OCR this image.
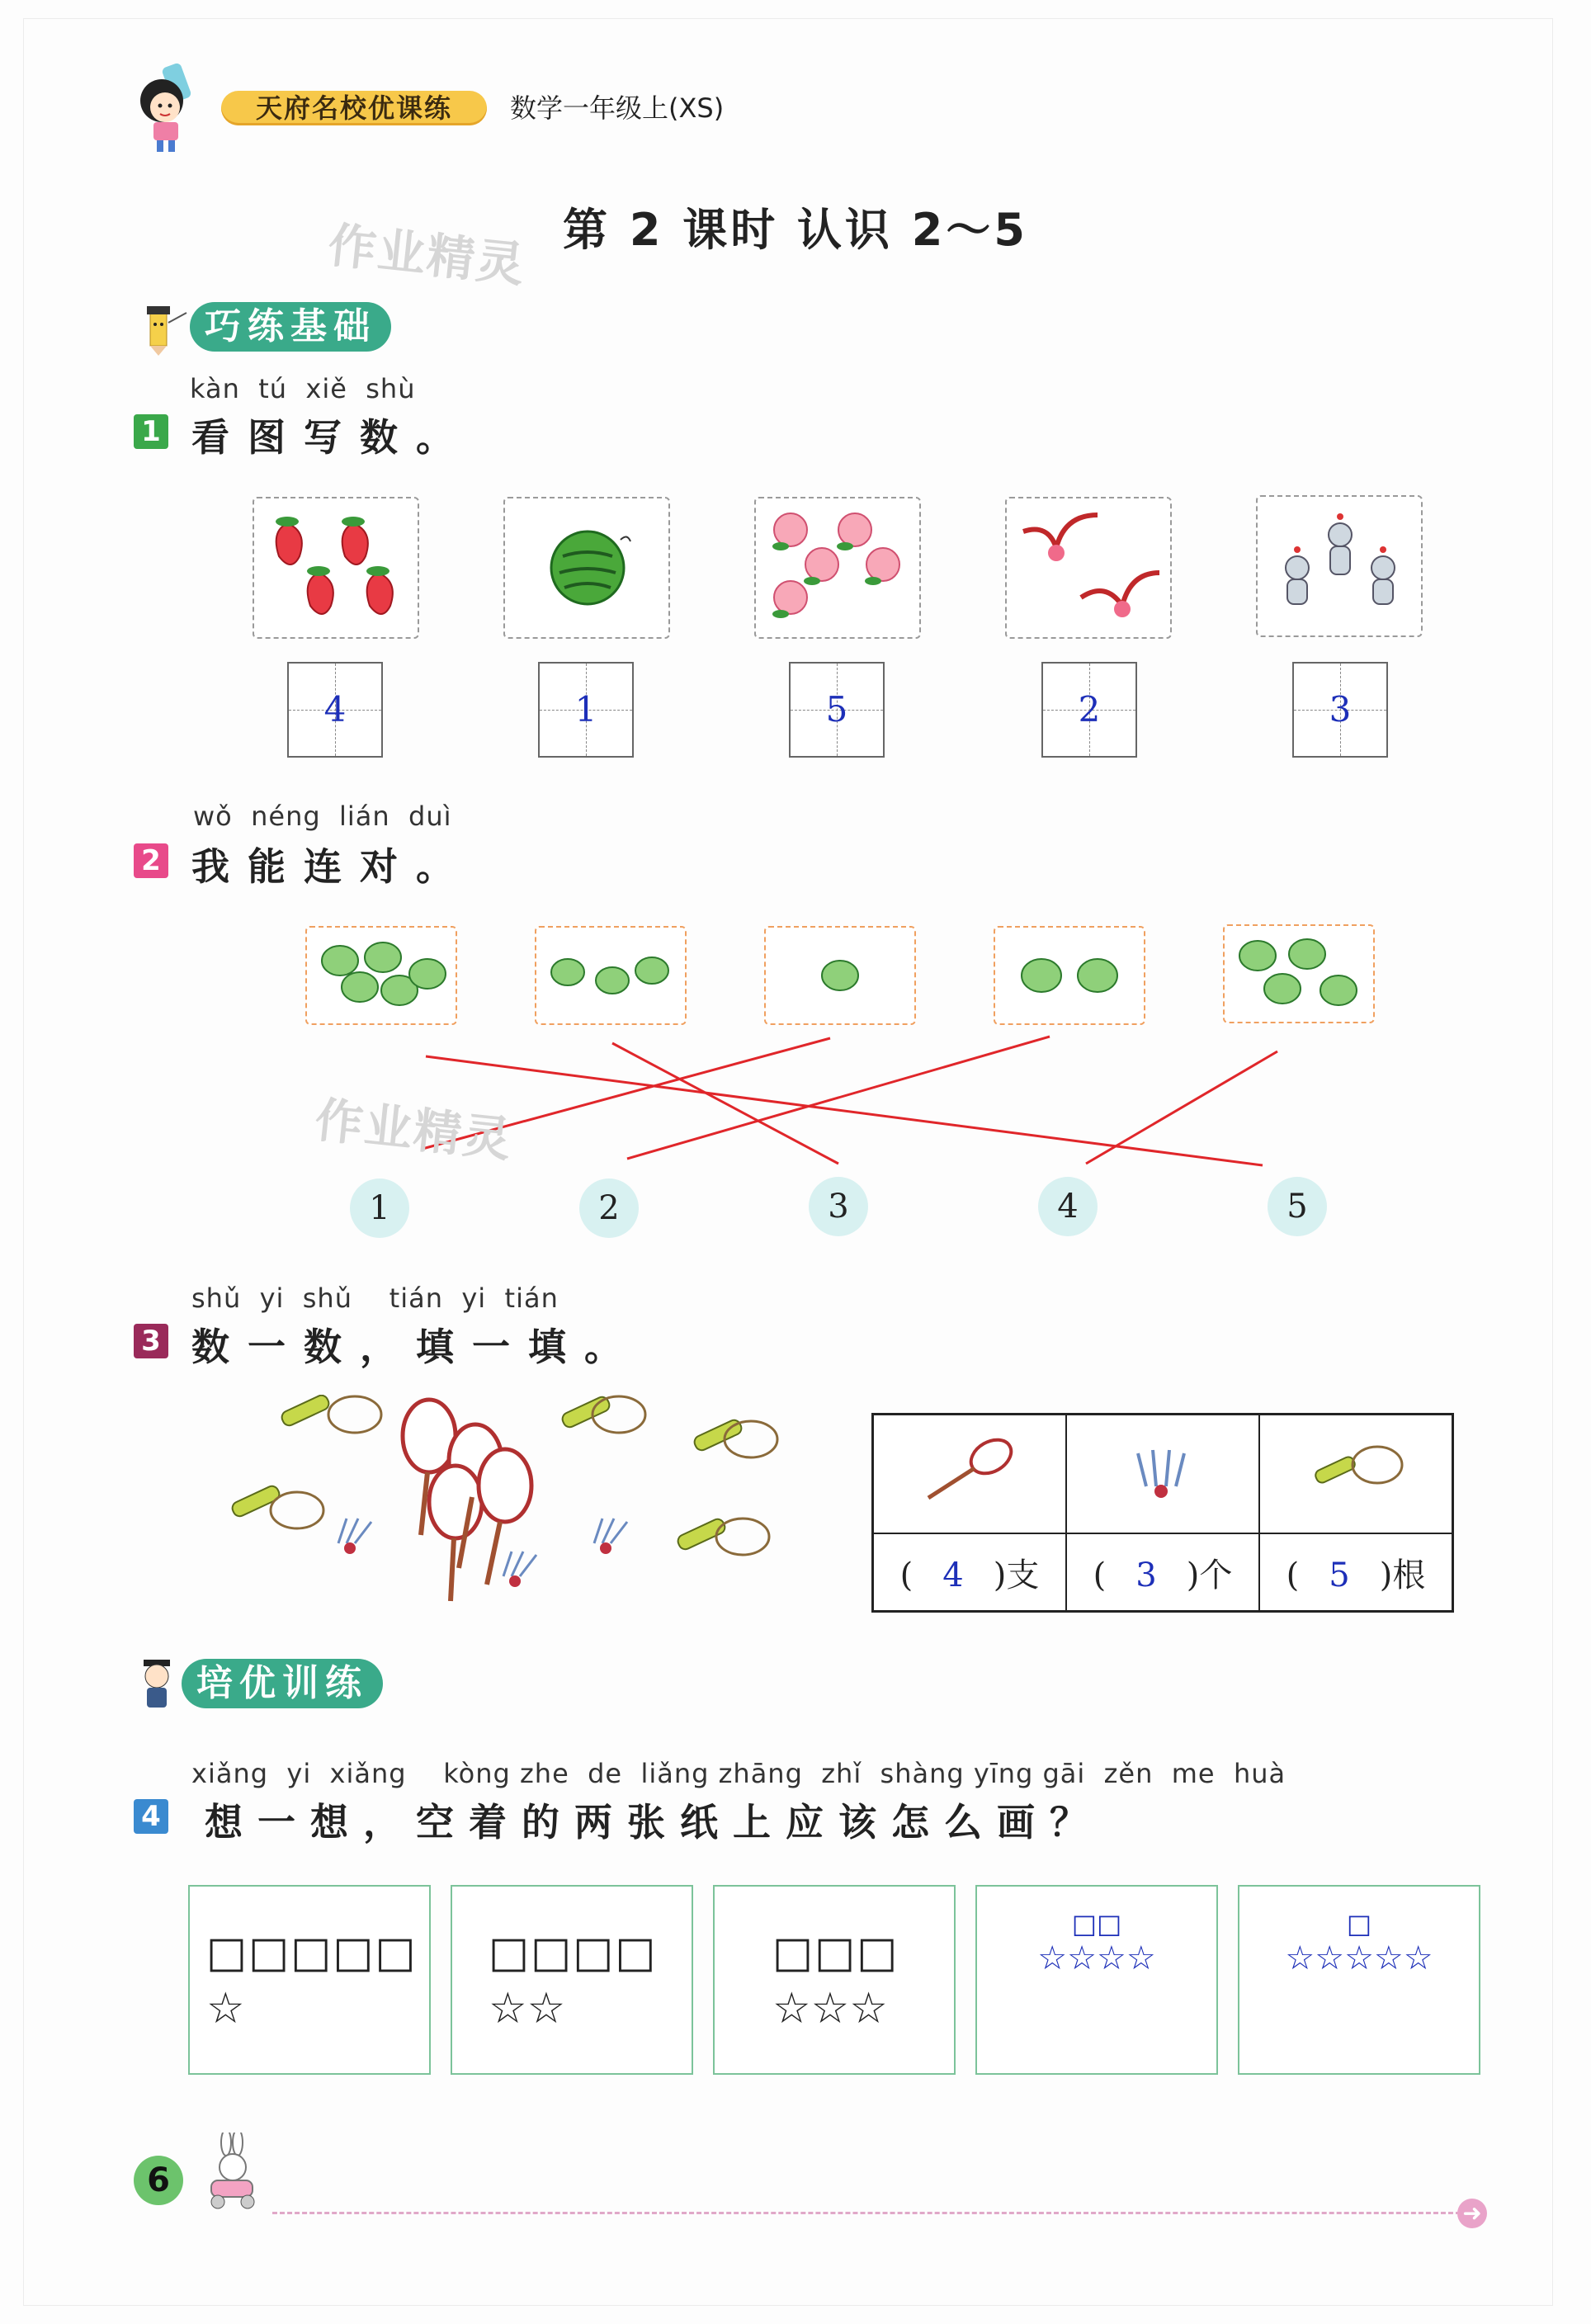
天府名校优课练	数学一年级上(XS)
作业精灵 第 2 课时 认识 2～5
巧练基础
kàn  tú  xiě  shù
1 看图写数。
4	1	5	2	3
wǒ  néng  lián  duì
2 我能连对。
作业精灵
1	2	3	4	5
shǔ  yi  shǔ    tián  yi  tián
3 数一数，填一填。

( 4 )支	( 3 )个	( 5 )根
培优训练
xiǎng  yi  xiǎng    kòng zhe  de  liǎng zhāng  zhǐ  shàng yīng gāi  zěn  me  huà
4 想一想，空着的两张纸上应该怎么画？
□□□□□
☆
□□□□
☆☆
□□□
☆☆☆
□□
☆☆☆☆
□
☆☆☆☆☆
6
➜
